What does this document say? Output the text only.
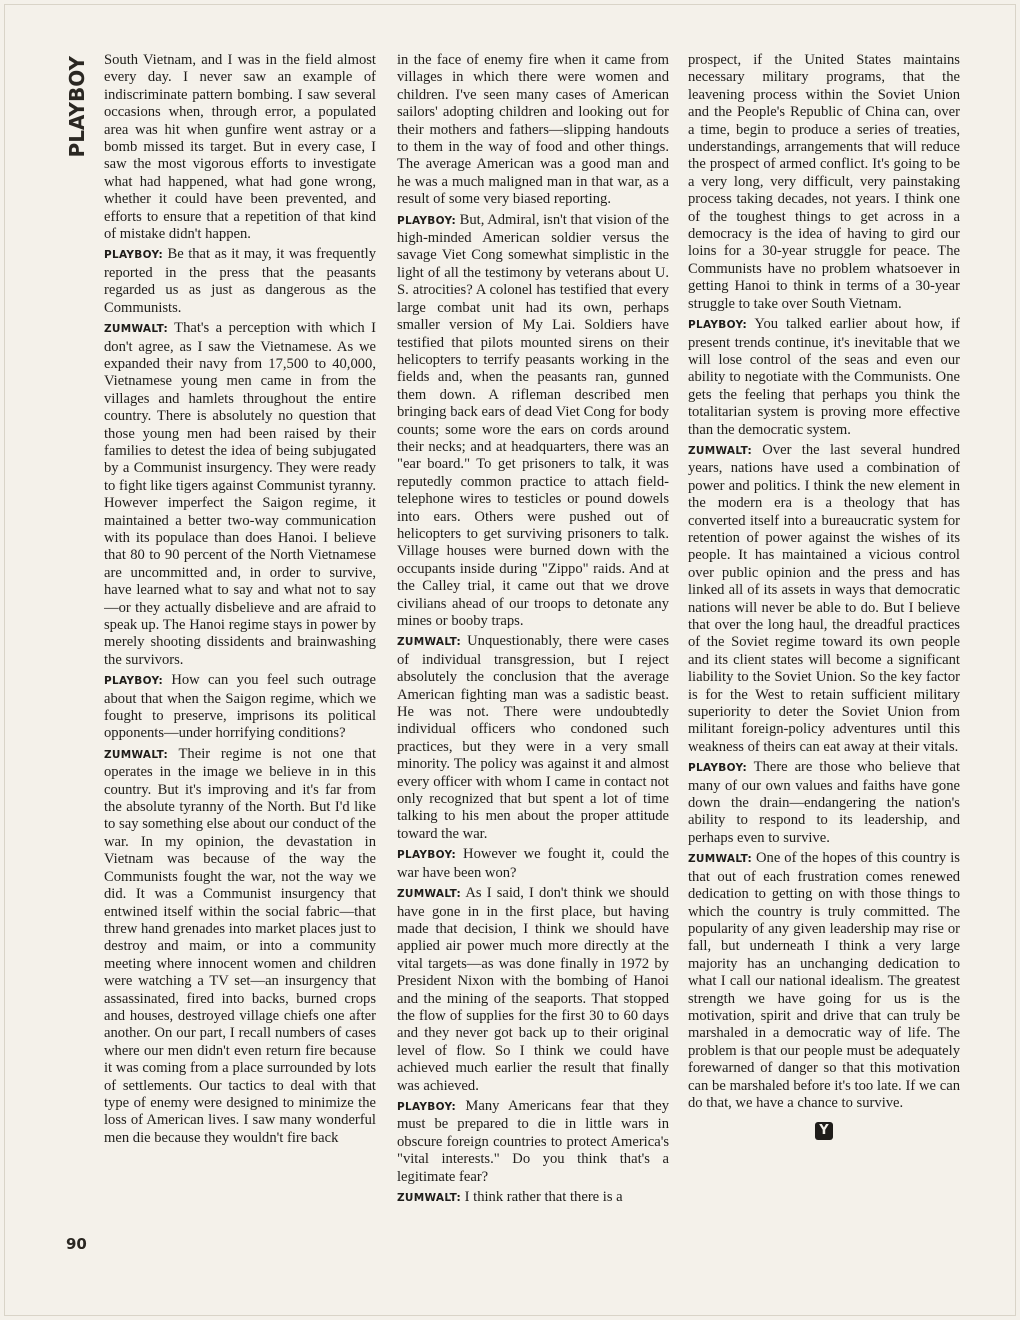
PLAYBOY South Vietnam, and I was in the field almost every day. I never saw an example of indiscriminate pattern bombing. I saw several occasions when, through error, a populated area was hit when gunfire went astray or a bomb missed its target. But in every case, I saw the most vigorous efforts to investigate what had happened, what had gone wrong, whether it could have been prevented, and efforts to ensure that a repetition of that kind of mistake didn't happen.

PLAYBOY: Be that as it may, it was frequently reported in the press that the peasants regarded us as just as dangerous as the Communists.

ZUMWALT: That's a perception with which I don't agree, as I saw the Vietnamese. As we expanded their navy from 17,500 to 40,000, Vietnamese young men came in from the villages and hamlets throughout the entire country. There is absolutely no question that those young men had been raised by their families to detest the idea of being subjugated by a Communist insurgency. They were ready to fight like tigers against Communist tyranny. However imperfect the Saigon regime, it maintained a better two-way communication with its populace than does Hanoi. I believe that 80 to 90 percent of the North Vietnamese are uncommitted and, in order to survive, have learned what to say and what not to say—or they actually disbelieve and are afraid to speak up. The Hanoi regime stays in power by merely shooting dissidents and brainwashing the survivors.

PLAYBOY: How can you feel such outrage about that when the Saigon regime, which we fought to preserve, imprisons its political opponents—under horrifying conditions?

ZUMWALT: Their regime is not one that operates in the image we believe in in this country. But it's improving and it's far from the absolute tyranny of the North. But I'd like to say something else about our conduct of the war. In my opinion, the devastation in Vietnam was because of the way the Communists fought the war, not the way we did. It was a Communist insurgency that entwined itself within the social fabric—that threw hand grenades into market places just to destroy and maim, or into a community meeting where innocent women and children were watching a TV set—an insurgency that assassinated, fired into backs, burned crops and houses, destroyed village chiefs one after another. On our part, I recall numbers of cases where our men didn't even return fire because it was coming from a place surrounded by lots of settlements. Our tactics to deal with that type of enemy were designed to minimize the loss of American lives. I saw many wonderful men die because they wouldn't fire back

in the face of enemy fire when it came from villages in which there were women and children. I've seen many cases of American sailors' adopting children and looking out for their mothers and fathers—slipping handouts to them in the way of food and other things. The average American was a good man and he was a much maligned man in that war, as a result of some very biased reporting.

PLAYBOY: But, Admiral, isn't that vision of the high-minded American soldier versus the savage Viet Cong somewhat simplistic in the light of all the testimony by veterans about U. S. atrocities? A colonel has testified that every large combat unit had its own, perhaps smaller version of My Lai. Soldiers have testified that pilots mounted sirens on their helicopters to terrify peasants working in the fields and, when the peasants ran, gunned them down. A rifleman described men bringing back ears of dead Viet Cong for body counts; some wore the ears on cords around their necks; and at headquarters, there was an "ear board." To get prisoners to talk, it was reputedly common practice to attach field-telephone wires to testicles or pound dowels into ears. Others were pushed out of helicopters to get surviving prisoners to talk. Village houses were burned down with the occupants inside during "Zippo" raids. And at the Calley trial, it came out that we drove civilians ahead of our troops to detonate any mines or booby traps.

ZUMWALT: Unquestionably, there were cases of individual transgression, but I reject absolutely the conclusion that the average American fighting man was a sadistic beast. He was not. There were undoubtedly individual officers who condoned such practices, but they were in a very small minority. The policy was against it and almost every officer with whom I came in contact not only recognized that but spent a lot of time talking to his men about the proper attitude toward the war.

PLAYBOY: However we fought it, could the war have been won?

ZUMWALT: As I said, I don't think we should have gone in in the first place, but having made that decision, I think we should have applied air power much more directly at the vital targets—as was done finally in 1972 by President Nixon with the bombing of Hanoi and the mining of the seaports. That stopped the flow of supplies for the first 30 to 60 days and they never got back up to their original level of flow. So I think we could have achieved much earlier the result that finally was achieved.

PLAYBOY: Many Americans fear that they must be prepared to die in little wars in obscure foreign countries to protect America's "vital interests." Do you think that's a legitimate fear?

ZUMWALT: I think rather that there is a

prospect, if the United States maintains necessary military programs, that the leavening process within the Soviet Union and the People's Republic of China can, over a time, begin to produce a series of treaties, understandings, arrangements that will reduce the prospect of armed conflict. It's going to be a very long, very difficult, very painstaking process taking decades, not years. I think one of the toughest things to get across in a democracy is the idea of having to gird our loins for a 30-year struggle for peace. The Communists have no problem whatsoever in getting Hanoi to think in terms of a 30-year struggle to take over South Vietnam.

PLAYBOY: You talked earlier about how, if present trends continue, it's inevitable that we will lose control of the seas and even our ability to negotiate with the Communists. One gets the feeling that perhaps you think the totalitarian system is proving more effective than the democratic system.

ZUMWALT: Over the last several hundred years, nations have used a combination of power and politics. I think the new element in the modern era is a theology that has converted itself into a bureaucratic system for retention of power against the wishes of its people. It has maintained a vicious control over public opinion and the press and has linked all of its assets in ways that democratic nations will never be able to do. But I believe that over the long haul, the dreadful practices of the Soviet regime toward its own people and its client states will become a significant liability to the Soviet Union. So the key factor is for the West to retain sufficient military superiority to deter the Soviet Union from militant foreign-policy adventures until this weakness of theirs can eat away at their vitals.

PLAYBOY: There are those who believe that many of our own values and faiths have gone down the drain—endangering the nation's ability to respond to its leadership, and perhaps even to survive.

ZUMWALT: One of the hopes of this country is that out of each frustration comes renewed dedication to getting on with those things to which the country is truly committed. The popularity of any given leadership may rise or fall, but underneath I think a very large majority has an unchanging dedication to what I call our national idealism. The greatest strength we have going for us is the motivation, spirit and drive that can truly be marshaled in a democratic way of life. The problem is that our people must be adequately forewarned of danger so that this motivation can be marshaled before it's too late. If we can do that, we have a chance to survive.

Y
90
